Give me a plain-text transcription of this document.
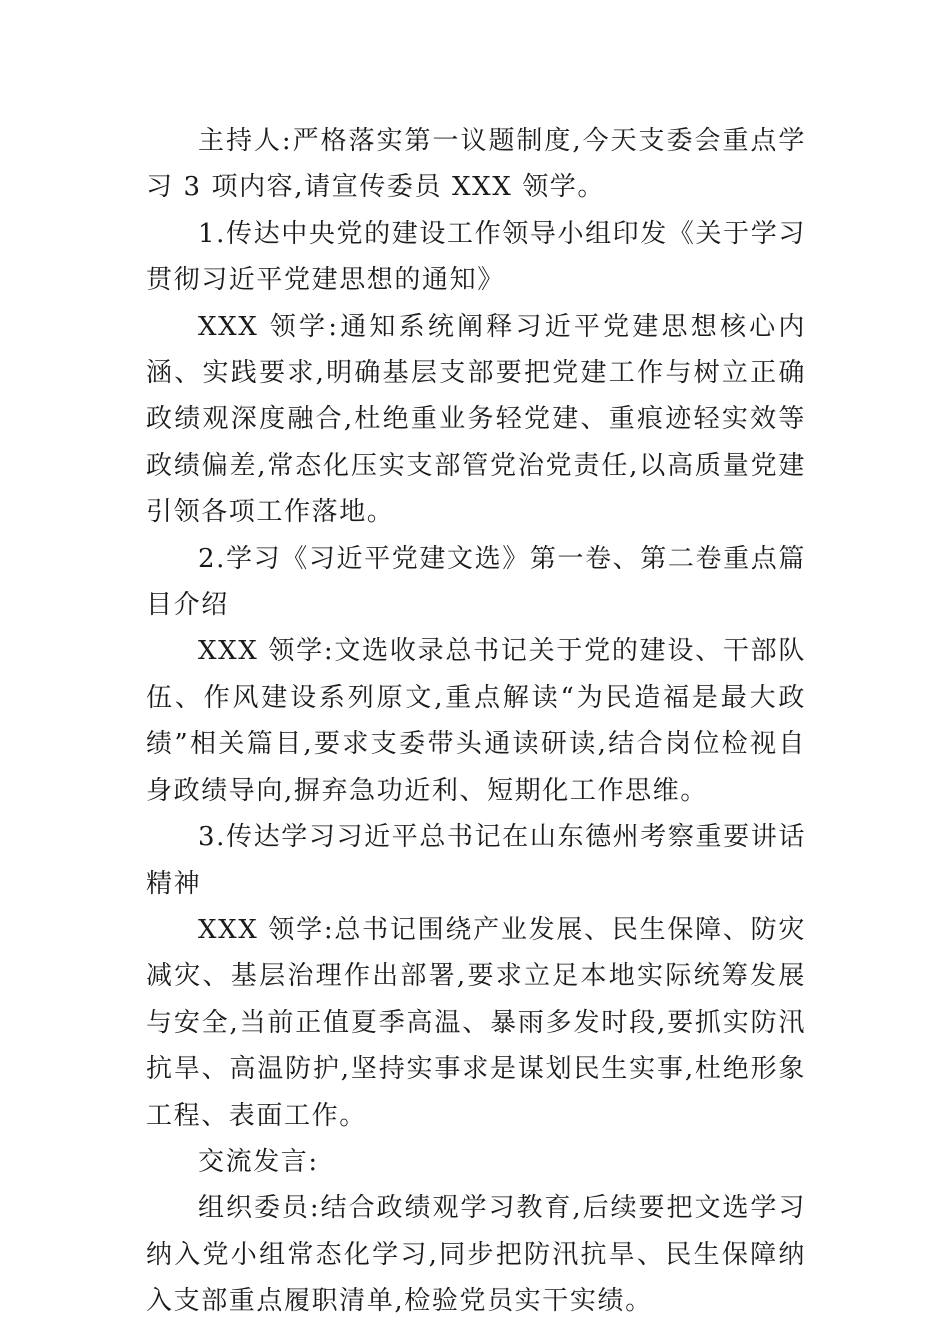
主持人:严格落实第一议题制度,今天支委会重点学习 3 项内容,请宣传委员 XXX 领学。

1.传达中央党的建设工作领导小组印发《关于学习贯彻习近平党建思想的通知》

XXX 领学:通知系统阐释习近平党建思想核心内涵、实践要求,明确基层支部要把党建工作与树立正确政绩观深度融合,杜绝重业务轻党建、重痕迹轻实效等政绩偏差,常态化压实支部管党治党责任,以高质量党建引领各项工作落地。

2.学习《习近平党建文选》第一卷、第二卷重点篇目介绍

XXX 领学:文选收录总书记关于党的建设、干部队伍、作风建设系列原文,重点解读“为民造福是最大政绩”相关篇目,要求支委带头通读研读,结合岗位检视自身政绩导向,摒弃急功近利、短期化工作思维。

3.传达学习习近平总书记在山东德州考察重要讲话精神

XXX 领学:总书记围绕产业发展、民生保障、防灾减灾、基层治理作出部署,要求立足本地实际统筹发展与安全,当前正值夏季高温、暴雨多发时段,要抓实防汛抗旱、高温防护,坚持实事求是谋划民生实事,杜绝形象工程、表面工作。

交流发言:

组织委员:结合政绩观学习教育,后续要把文选学习纳入党小组常态化学习,同步把防汛抗旱、民生保障纳入支部重点履职清单,检验党员实干实绩。
